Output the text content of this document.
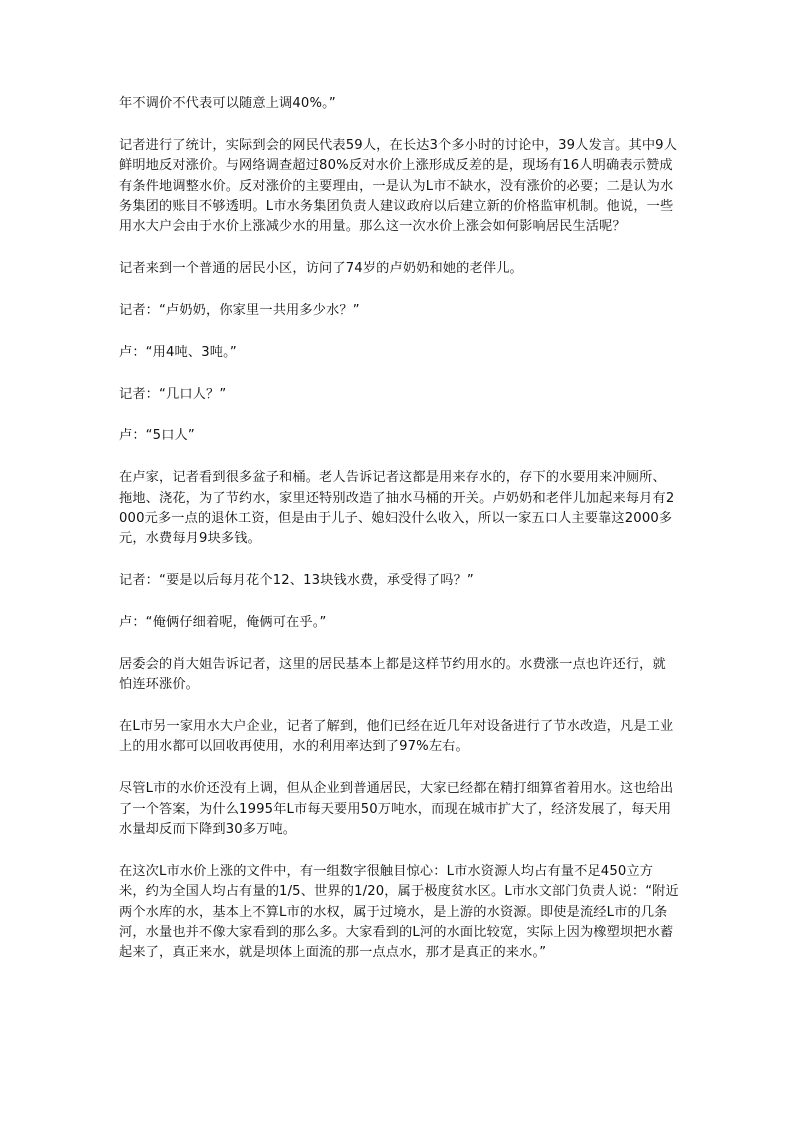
年不调价不代表可以随意上调40%。”

记者进行了统计，实际到会的网民代表59人，在长达3个多小时的讨论中，39人发言。其中9人鲜明地反对涨价。与网络调查超过80%反对水价上涨形成反差的是，现场有16人明确表示赞成有条件地调整水价。反对涨价的主要理由，一是认为L市不缺水，没有涨价的必要；二是认为水务集团的账目不够透明。L市水务集团负责人建议政府以后建立新的价格监审机制。他说，一些用水大户会由于水价上涨减少水的用量。那么这一次水价上涨会如何影响居民生活呢？

记者来到一个普通的居民小区，访问了74岁的卢奶奶和她的老伴儿。

记者：“卢奶奶，你家里一共用多少水？”

卢：“用4吨、3吨。”

记者：“几口人？”

卢：“5口人”

在卢家，记者看到很多盆子和桶。老人告诉记者这都是用来存水的，存下的水要用来冲厕所、拖地、浇花，为了节约水，家里还特别改造了抽水马桶的开关。卢奶奶和老伴儿加起来每月有2000元多一点的退休工资，但是由于儿子、媳妇没什么收入，所以一家五口人主要靠这2000多元，水费每月9块多钱。

记者：“要是以后每月花个12、13块钱水费，承受得了吗？”

卢：“俺俩仔细着呢，俺俩可在乎。”

居委会的肖大姐告诉记者，这里的居民基本上都是这样节约用水的。水费涨一点也许还行，就怕连环涨价。

在L市另一家用水大户企业，记者了解到，他们已经在近几年对设备进行了节水改造，凡是工业上的用水都可以回收再使用，水的利用率达到了97%左右。

尽管L市的水价还没有上调，但从企业到普通居民，大家已经都在精打细算省着用水。这也给出了一个答案，为什么1995年L市每天要用50万吨水，而现在城市扩大了，经济发展了，每天用水量却反而下降到30多万吨。

在这次L市水价上涨的文件中，有一组数字很触目惊心：L市水资源人均占有量不足450立方米，约为全国人均占有量的1/5、世界的1/20，属于极度贫水区。L市水文部门负责人说：“附近两个水库的水，基本上不算L市的水权，属于过境水，是上游的水资源。即使是流经L市的几条河，水量也并不像大家看到的那么多。大家看到的L河的水面比较宽，实际上因为橡塑坝把水蓄起来了，真正来水，就是坝体上面流的那一点点水，那才是真正的来水。”
